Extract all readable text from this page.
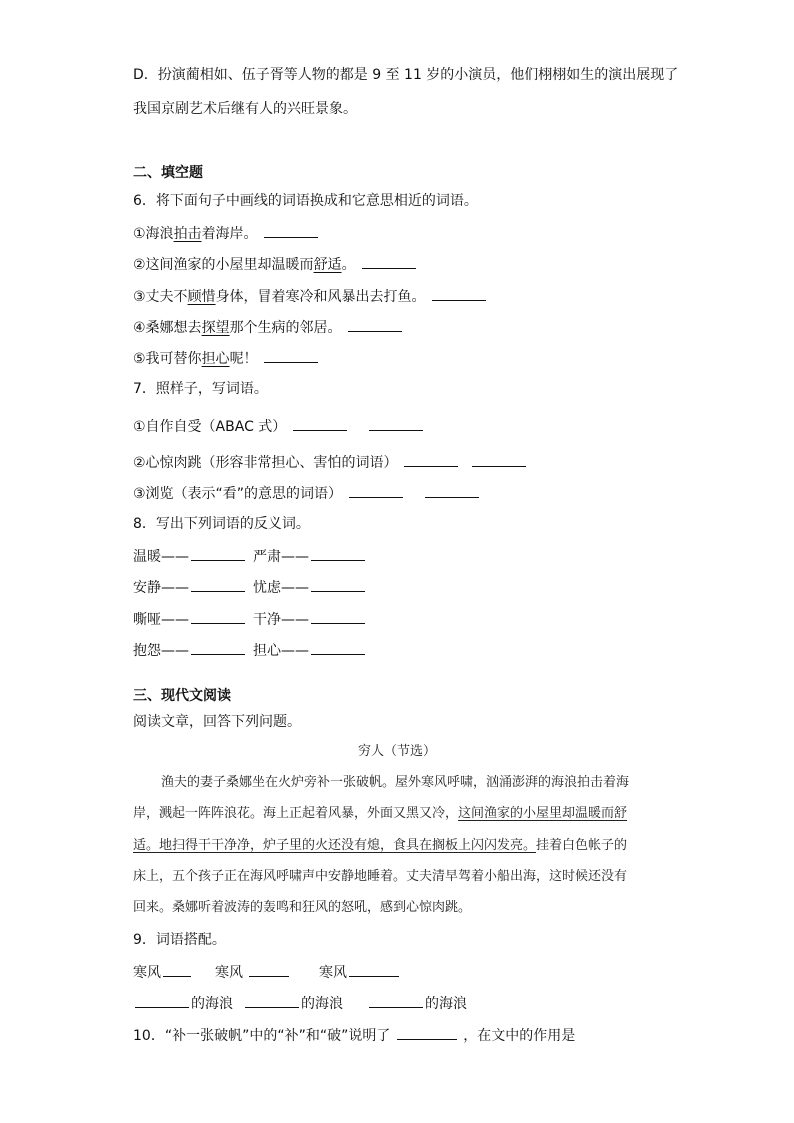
D．扮演蔺相如、伍子胥等人物的都是 9 至 11 岁的小演员，他们栩栩如生的演出展现了
我国京剧艺术后继有人的兴旺景象。
二、填空题
6．将下面句子中画线的词语换成和它意思相近的词语。
①海浪拍击着海岸。
②这间渔家的小屋里却温暖而舒适。
③丈夫不顾惜身体，冒着寒冷和风暴出去打鱼。
④桑娜想去探望那个生病的邻居。
⑤我可替你担心呢！
7．照样子，写词语。
①自作自受（ABAC 式）
②心惊肉跳（形容非常担心、害怕的词语）
③浏览（表示“看”的意思的词语）
8．写出下列词语的反义词。
温暖——	严肃——
安静——	忧虑——
嘶哑——	干净——
抱怨——	担心——
三、现代文阅读
阅读文章，回答下列问题。
穷人（节选）
渔夫的妻子桑娜坐在火炉旁补一张破帆。屋外寒风呼啸，汹涌澎湃的海浪拍击着海
岸，溅起一阵阵浪花。海上正起着风暴，外面又黑又冷，这间渔家的小屋里却温暖而舒
适。地扫得干干净净，炉子里的火还没有熄，食具在搁板上闪闪发亮。挂着白色帐子的
床上，五个孩子正在海风呼啸声中安静地睡着。丈夫清早驾着小船出海，这时候还没有
回来。桑娜听着波涛的轰鸣和狂风的怒吼，感到心惊肉跳。
9．词语搭配。
寒风	寒风	寒风
的海浪	的海浪	的海浪
10．“补一张破帆”中的“补”和“破”说明了	，在文中的作用是
